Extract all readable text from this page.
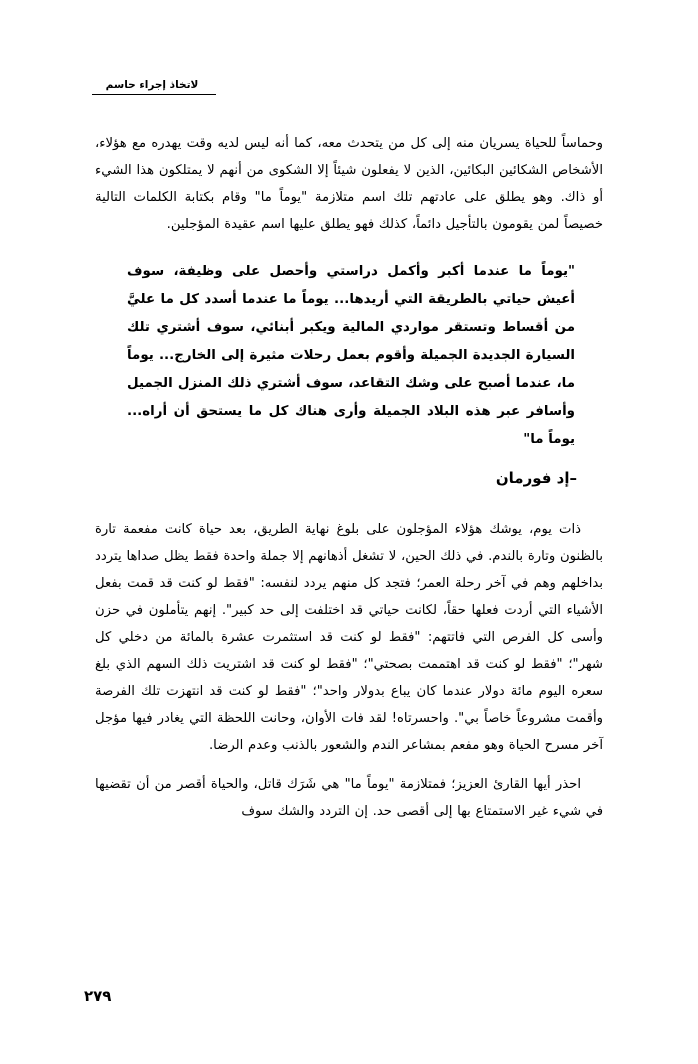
لاتخاذ إجراء حاسم

وحماساً للحياة يسريان منه إلى كل من يتحدث معه، كما أنه ليس لديه وقت يهدره مع هؤلاء، الأشخاص الشكائين البكائين، الذين لا يفعلون شيئاً إلا الشكوى من أنهم لا يمتلكون هذا الشيء أو ذاك. وهو يطلق على عادتهم تلك اسم متلازمة "يوماً ما" وقام بكتابة الكلمات التالية خصيصاً لمن يقومون بالتأجيل دائماً، كذلك فهو يطلق عليها اسم عقيدة المؤجلين.

"يوماً ما عندما أكبر وأكمل دراستي وأحصل على وظيفة، سوف أعيش حياتي بالطريقة التي أريدها... يوماً ما عندما أسدد كل ما عليَّ من أقساط وتستقر مواردي المالية ويكبر أبنائي، سوف أشتري تلك السيارة الجديدة الجميلة وأقوم بعمل رحلات مثيرة إلى الخارج... يوماً ما، عندما أصبح على وشك التقاعد، سوف أشتري ذلك المنزل الجميل وأسافر عبر هذه البلاد الجميلة وأرى هناك كل ما يستحق أن أراه... يوماً ما"

–إد فورمان

ذات يوم، يوشك هؤلاء المؤجلون على بلوغ نهاية الطريق، بعد حياة كانت مفعمة تارة بالظنون وتارة بالندم. في ذلك الحين، لا تشغل أذهانهم إلا جملة واحدة فقط يظل صداها يتردد بداخلهم وهم في آخر رحلة العمر؛ فتجد كل منهم يردد لنفسه: "فقط لو كنت قد قمت بفعل الأشياء التي أردت فعلها حقاً، لكانت حياتي قد اختلفت إلى حد كبير". إنهم يتأملون في حزن وأسى كل الفرص التي فاتتهم: "فقط لو كنت قد استثمرت عشرة بالمائة من دخلي كل شهر"؛ "فقط لو كنت قد اهتممت بصحتي"؛ "فقط لو كنت قد اشتريت ذلك السهم الذي بلغ سعره اليوم مائة دولار عندما كان يباع بدولار واحد"؛ "فقط لو كنت قد انتهزت تلك الفرصة وأقمت مشروعاً خاصاً بي". واحسرتاه! لقد فات الأوان، وحانت اللحظة التي يغادر فيها مؤجل آخر مسرح الحياة وهو مفعم بمشاعر الندم والشعور بالذنب وعدم الرضا.

احذر أيها القارئ العزيز؛ فمتلازمة "يوماً ما" هي شَرَك قاتل، والحياة أقصر من أن تقضيها في شيء غير الاستمتاع بها إلى أقصى حد. إن التردد والشك سوف

٢٧٩
